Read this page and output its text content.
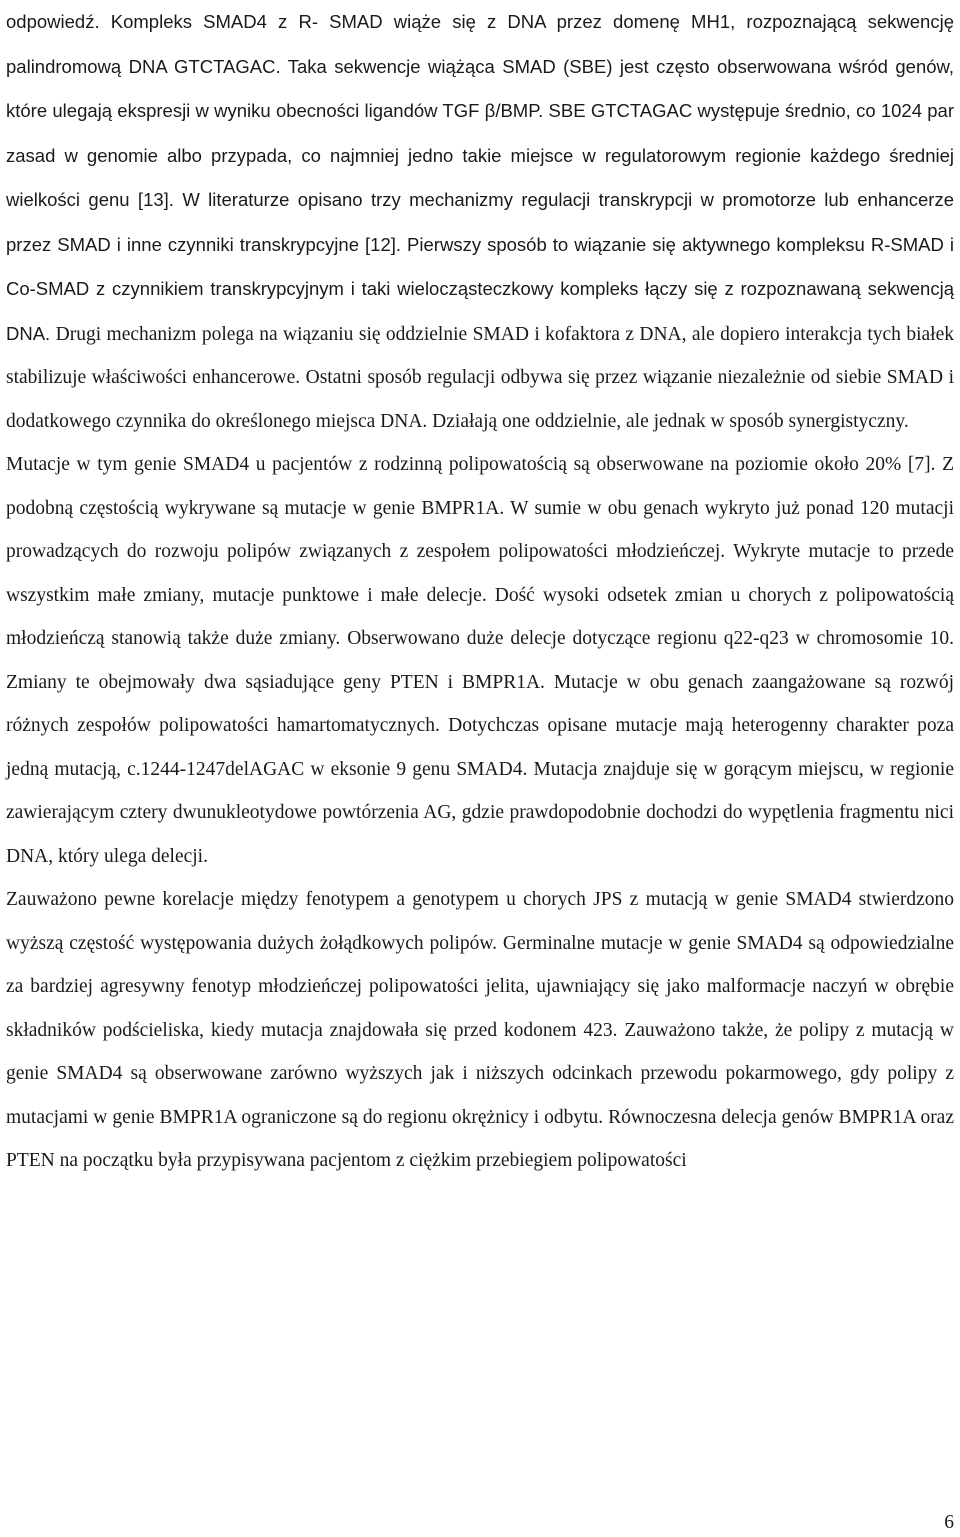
odpowiedź. Kompleks SMAD4 z R- SMAD wiąże się z DNA przez domenę MH1, rozpoznającą sekwencję palindromową DNA GTCTAGAC. Taka sekwencje wiążąca SMAD (SBE) jest często obserwowana wśród genów, które ulegają ekspresji w wyniku obecności ligandów TGF β/BMP. SBE GTCTAGAC występuje średnio, co 1024 par zasad w genomie albo przypada, co najmniej jedno takie miejsce w regulatorowym regionie każdego średniej wielkości genu [13]. W literaturze opisano trzy mechanizmy regulacji transkrypcji w promotorze lub enhancerze przez SMAD i inne czynniki transkrypcyjne [12]. Pierwszy sposób to wiązanie się aktywnego kompleksu R-SMAD i Co-SMAD z czynnikiem transkrypcyjnym i taki wielocząsteczkowy kompleks łączy się z rozpoznawaną sekwencją DNA. Drugi mechanizm polega na wiązaniu się oddzielnie SMAD i kofaktora z DNA, ale dopiero interakcja tych białek stabilizuje właściwości enhancerowe. Ostatni sposób regulacji odbywa się przez wiązanie niezależnie od siebie SMAD i dodatkowego czynnika do określonego miejsca DNA. Działają one oddzielnie, ale jednak w sposób synergistyczny.

Mutacje w tym genie SMAD4 u pacjentów z rodzinną polipowatością są obserwowane na poziomie około 20% [7]. Z podobną częstością wykrywane są mutacje w genie BMPR1A. W sumie w obu genach wykryto już ponad 120 mutacji prowadzących do rozwoju polipów związanych z zespołem polipowatości młodzieńczej. Wykryte mutacje to przede wszystkim małe zmiany, mutacje punktowe i małe delecje. Dość wysoki odsetek zmian u chorych z polipowatością młodzieńczą stanowią także duże zmiany. Obserwowano duże delecje dotyczące regionu q22-q23 w chromosomie 10. Zmiany te obejmowały dwa sąsiadujące geny PTEN i BMPR1A. Mutacje w obu genach zaangażowane są rozwój różnych zespołów polipowatości hamartomatycznych. Dotychczas opisane mutacje mają heterogenny charakter poza jedną mutacją, c.1244-1247delAGAC w eksonie 9 genu SMAD4. Mutacja znajduje się w gorącym miejscu, w regionie zawierającym cztery dwunukleotydowe powtórzenia AG, gdzie prawdopodobnie dochodzi do wypętlenia fragmentu nici DNA, który ulega delecji.

Zauważono pewne korelacje między fenotypem a genotypem u chorych JPS z mutacją w genie SMAD4 stwierdzono wyższą częstość występowania dużych żołądkowych polipów. Germinalne mutacje w genie SMAD4 są odpowiedzialne za bardziej agresywny fenotyp młodzieńczej polipowatości jelita, ujawniający się jako malformacje naczyń w obrębie składników podścieliska, kiedy mutacja znajdowała się przed kodonem 423. Zauważono także, że polipy z mutacją w genie SMAD4 są obserwowane zarówno wyższych jak i niższych odcinkach przewodu pokarmowego, gdy polipy z mutacjami w genie BMPR1A ograniczone są do regionu okrężnicy i odbytu. Równoczesna delecja genów BMPR1A oraz PTEN na początku była przypisywana pacjentom z ciężkim przebiegiem polipowatości

6
